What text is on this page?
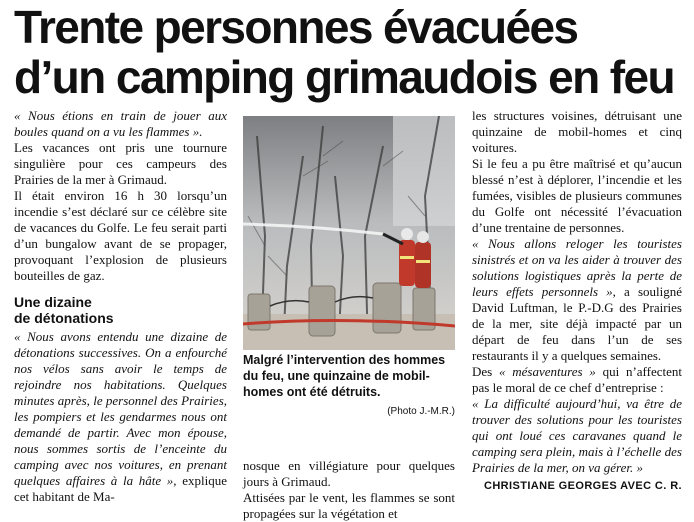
Trente personnes évacuées
d’un camping grimaudois en feu

« Nous étions en train de jouer aux boules quand on a vu les flammes ».

Les vacances ont pris une tournure singulière pour ces campeurs des Prairies de la mer à Grimaud.

Il était environ 16 h 30 lorsqu’un incendie s’est déclaré sur ce célèbre site de vacances du Golfe. Le feu serait parti d’un bungalow avant de se propager, provoquant l’explosion de plusieurs bouteilles de gaz.

Une dizaine
de détonations

« Nous avons entendu une dizaine de détonations successives. On a enfourché nos vélos sans avoir le temps de rejoindre nos habitations. Quelques minutes après, le personnel des Prairies, les pompiers et les gendarmes nous ont demandé de partir. Avec mon épouse, nous sommes sortis de l’enceinte du camping avec nos voitures, en prenant quelques affaires à la hâte », explique cet habitant de Ma-

Malgré l’intervention des hommes du feu, une quinzaine de mobil-homes ont été détruits.
(Photo J.-M.R.)

nosque en villégiature pour quelques jours à Grimaud.

Attisées par le vent, les flammes se sont propagées sur la végétation et

les structures voisines, détruisant une quinzaine de mobil-homes et cinq voitures.

Si le feu a pu être maîtrisé et qu’aucun blessé n’est à déplorer, l’incendie et les fumées, visibles de plusieurs communes du Golfe ont nécessité l’évacuation d’une trentaine de personnes.

« Nous allons reloger les touristes sinistrés et on va les aider à trouver des solutions logistiques après la perte de leurs effets personnels », a souligné David Luftman, le P.-D.G des Prairies de la mer, site déjà impacté par un départ de feu dans l’un de ses restaurants il y a quelques semaines.

Des « mésaventures » qui n’affectent pas le moral de ce chef d’entreprise :

« La difficulté aujourd’hui, va être de trouver des solutions pour les touristes qui ont loué ces caravanes quand le camping sera plein, mais à l’échelle des Prairies de la mer, on va gérer. »

CHRISTIANE GEORGES AVEC C. R.
